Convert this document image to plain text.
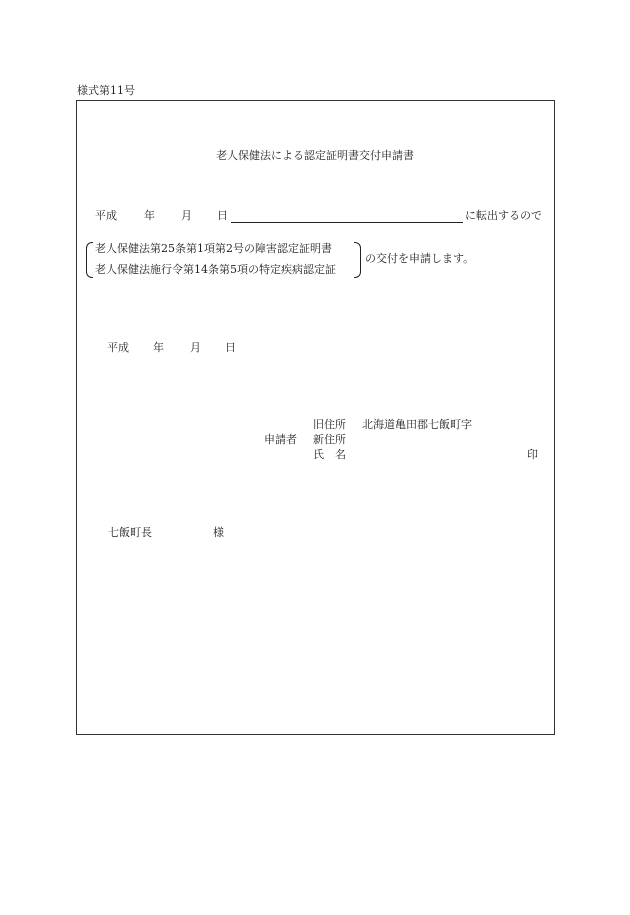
様式第11号
老人保健法による認定証明書交付申請書
平成 年 月 日	に転出するので
老人保健法第25条第1項第2号の障害認定証明書
老人保健法施行令第14条第5項の特定疾病認定証
の交付を申請します。
平成 年 月 日
申請者
旧住所 北海道亀田郡七飯町字
新住所
氏　名	印
七飯町長	様
